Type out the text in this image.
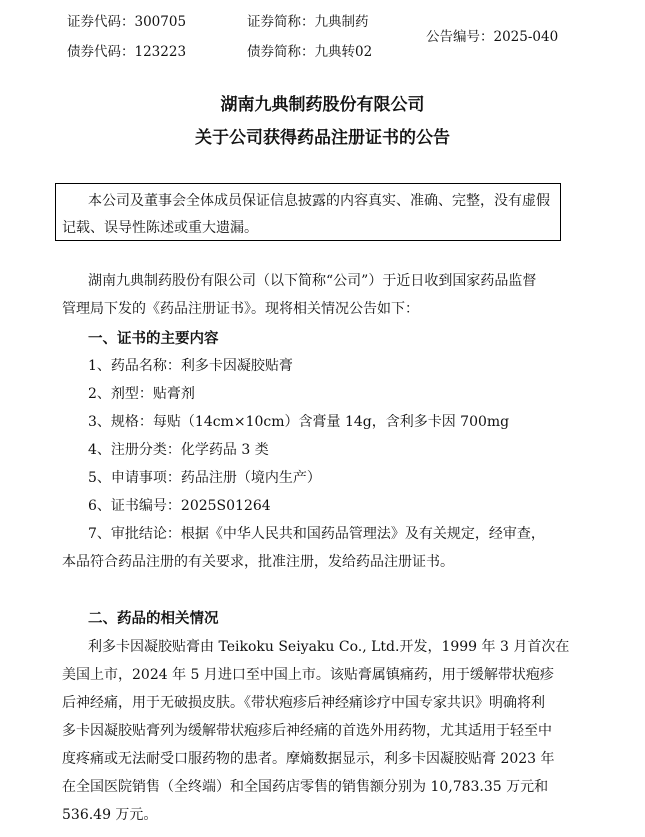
证券代码：300705	证券简称：九典制药
债券代码：123223	债券简称：九典转02
公告编号：2025-040
湖南九典制药股份有限公司
关于公司获得药品注册证书的公告
本公司及董事会全体成员保证信息披露的内容真实、准确、完整，没有虚假
记载、误导性陈述或重大遗漏。
湖南九典制药股份有限公司（以下简称“公司”）于近日收到国家药品监督
管理局下发的《药品注册证书》。现将相关情况公告如下：
一、证书的主要内容
1、药品名称：利多卡因凝胶贴膏
2、剂型：贴膏剂
3、规格：每贴（14cm×10cm）含膏量 14g，含利多卡因 700mg
4、注册分类：化学药品 3 类
5、申请事项：药品注册（境内生产）
6、证书编号：2025S01264
7、审批结论：根据《中华人民共和国药品管理法》及有关规定，经审查，
本品符合药品注册的有关要求，批准注册，发给药品注册证书。
二、药品的相关情况
利多卡因凝胶贴膏由 Teikoku Seiyaku Co., Ltd.开发，1999 年 3 月首次在
美国上市，2024 年 5 月进口至中国上市。该贴膏属镇痛药，用于缓解带状疱疹
后神经痛，用于无破损皮肤。《带状疱疹后神经痛诊疗中国专家共识》明确将利
多卡因凝胶贴膏列为缓解带状疱疹后神经痛的首选外用药物，尤其适用于轻至中
度疼痛或无法耐受口服药物的患者。摩熵数据显示，利多卡因凝胶贴膏 2023 年
在全国医院销售（全终端）和全国药店零售的销售额分别为 10,783.35 万元和
536.49 万元。
